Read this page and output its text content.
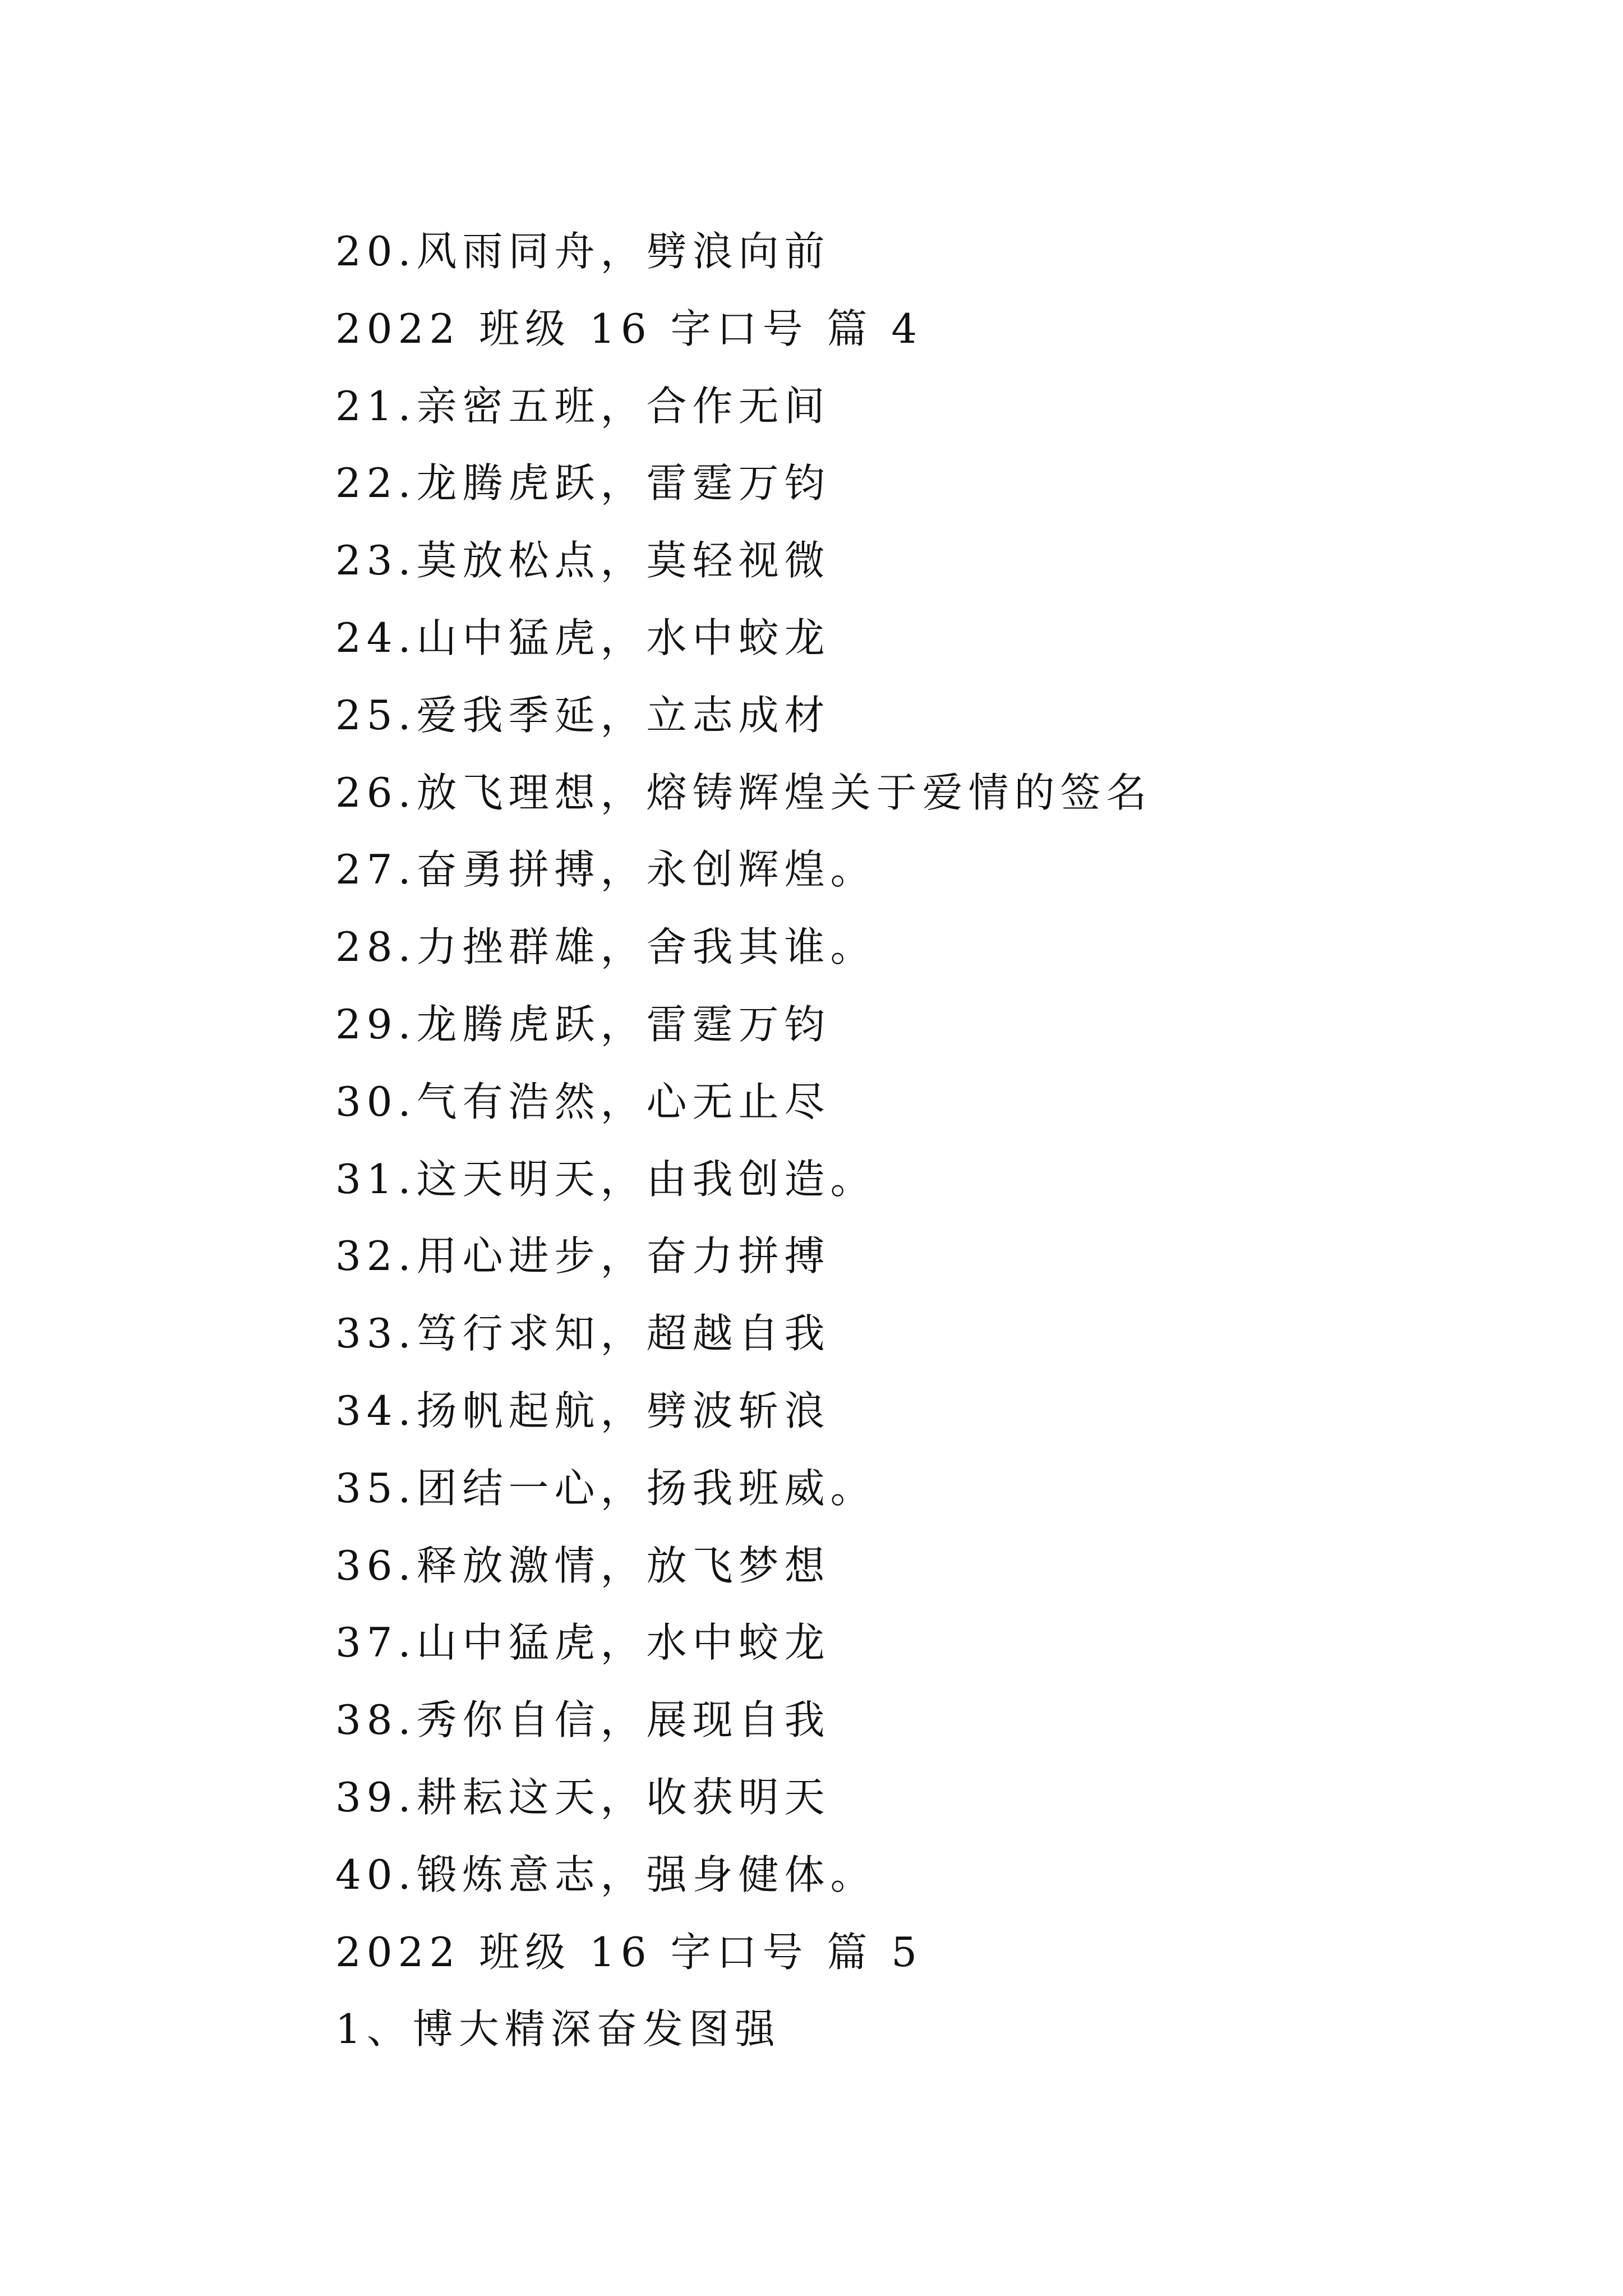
20.风雨同舟，劈浪向前
2022 班级 16 字口号 篇 4
21.亲密五班，合作无间
22.龙腾虎跃，雷霆万钧
23.莫放松点，莫轻视微
24.山中猛虎，水中蛟龙
25.爱我季延，立志成材
26.放飞理想，熔铸辉煌关于爱情的签名
27.奋勇拼搏，永创辉煌。
28.力挫群雄，舍我其谁。
29.龙腾虎跃，雷霆万钧
30.气有浩然，心无止尽
31.这天明天，由我创造。
32.用心进步，奋力拼搏
33.笃行求知，超越自我
34.扬帆起航，劈波斩浪
35.团结一心，扬我班威。
36.释放激情，放飞梦想
37.山中猛虎，水中蛟龙
38.秀你自信，展现自我
39.耕耘这天，收获明天
40.锻炼意志，强身健体。
2022 班级 16 字口号 篇 5
1、博大精深奋发图强
